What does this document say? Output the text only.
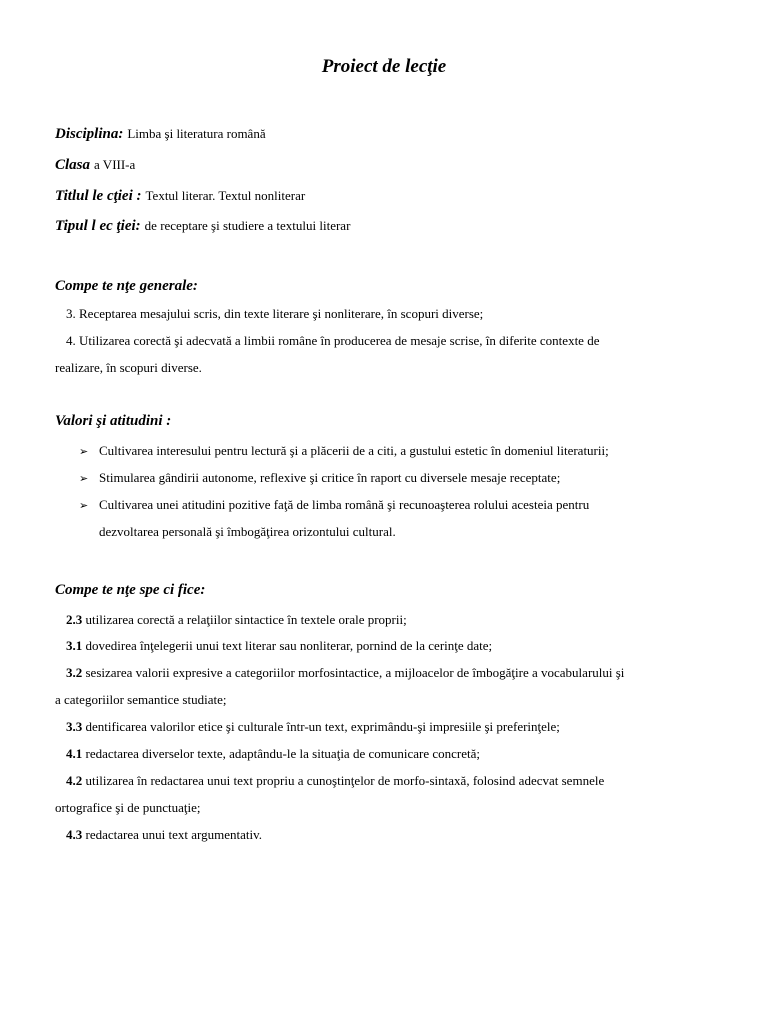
Proiect de lecţie
Disciplina: Limba şi literatura română
Clasa a VIII-a
Titlul le cţiei : Textul literar. Textul nonliterar
Tipul l ec ţiei: de receptare şi studiere a textului literar
Compe te nţe generale:
3. Receptarea mesajului scris, din texte literare şi nonliterare, în scopuri diverse;
4. Utilizarea corectă şi adecvată a limbii române în producerea de mesaje scrise, în diferite contexte de
realizare, în scopuri diverse.
Valori şi atitudini :
➢ Cultivarea interesului pentru lectură şi a plăcerii de a citi, a gustului estetic în domeniul literaturii;
➢ Stimularea gândirii autonome, reflexive şi critice în raport cu diversele mesaje receptate;
➢ Cultivarea unei atitudini pozitive faţă de limba română şi recunoaşterea rolului acesteia pentru
dezvoltarea personală şi îmbogăţirea orizontului cultural.
Compe te nţe spe ci fice:
2.3 utilizarea corectă a relaţiilor sintactice în textele orale proprii;
3.1 dovedirea înţelegerii unui text literar sau nonliterar, pornind de la cerinţe date;
3.2 sesizarea valorii expresive a categoriilor morfosintactice, a mijloacelor de îmbogăţire a vocabularului şi
a categoriilor semantice studiate;
3.3 dentificarea valorilor etice şi culturale într-un text, exprimându-şi impresiile şi preferinţele;
4.1 redactarea diverselor texte, adaptându-le la situaţia de comunicare concretă;
4.2 utilizarea în redactarea unui text propriu a cunoştinţelor de morfo-sintaxă, folosind adecvat semnele
ortografice şi de punctuaţie;
4.3 redactarea unui text argumentativ.
